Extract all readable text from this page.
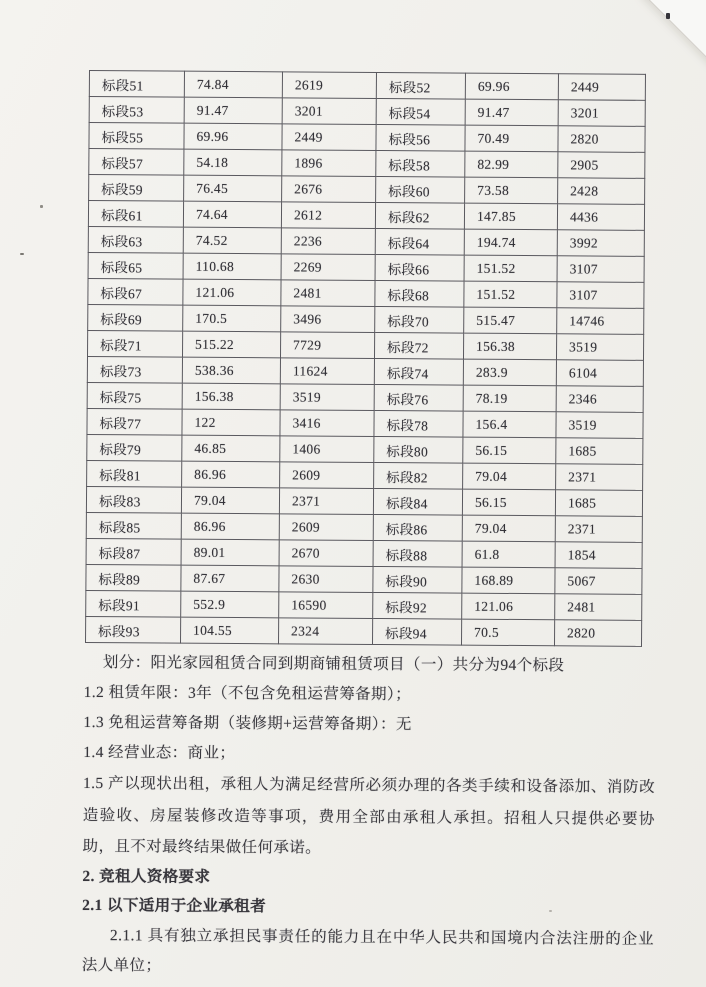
标段51	74.84	2619	标段52	69.96	2449
标段53	91.47	3201	标段54	91.47	3201
标段55	69.96	2449	标段56	70.49	2820
标段57	54.18	1896	标段58	82.99	2905
标段59	76.45	2676	标段60	73.58	2428
标段61	74.64	2612	标段62	147.85	4436
标段63	74.52	2236	标段64	194.74	3992
标段65	110.68	2269	标段66	151.52	3107
标段67	121.06	2481	标段68	151.52	3107
标段69	170.5	3496	标段70	515.47	14746
标段71	515.22	7729	标段72	156.38	3519
标段73	538.36	11624	标段74	283.9	6104
标段75	156.38	3519	标段76	78.19	2346
标段77	122	3416	标段78	156.4	3519
标段79	46.85	1406	标段80	56.15	1685
标段81	86.96	2609	标段82	79.04	2371
标段83	79.04	2371	标段84	56.15	1685
标段85	86.96	2609	标段86	79.04	2371
标段87	89.01	2670	标段88	61.8	1854
标段89	87.67	2630	标段90	168.89	5067
标段91	552.9	16590	标段92	121.06	2481
标段93	104.55	2324	标段94	70.5	2820

划分：阳光家园租赁合同到期商铺租赁项目（一）共分为94个标段

1.2 租赁年限：3年（不包含免租运营筹备期）；

1.3 免租运营筹备期（装修期+运营筹备期）：无

1.4 经营业态：商业；

1.5 产以现状出租，承租人为满足经营所必须办理的各类手续和设备添加、消防改造验收、房屋装修改造等事项，费用全部由承租人承担。招租人只提供必要协助，且不对最终结果做任何承诺。

2. 竞租人资格要求

2.1 以下适用于企业承租者

2.1.1 具有独立承担民事责任的能力且在中华人民共和国境内合法注册的企业法人单位；
